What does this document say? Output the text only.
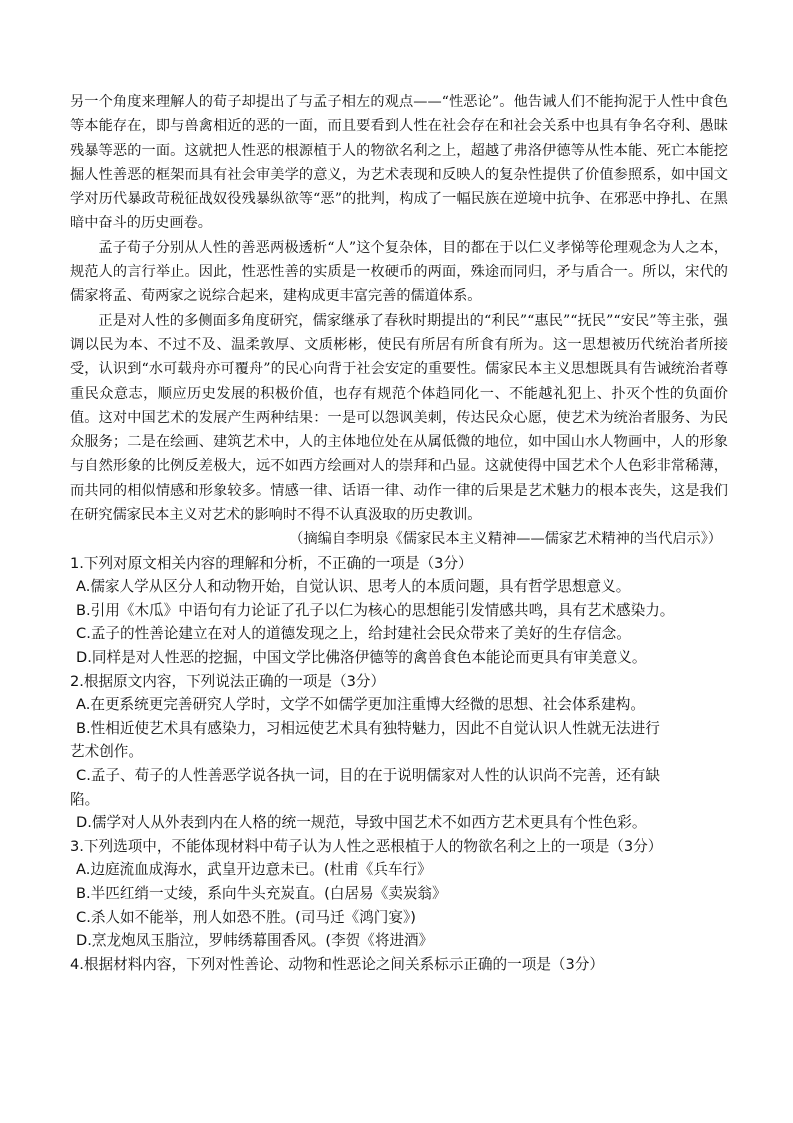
另一个角度来理解人的荀子却提出了与孟子相左的观点——“性恶论”。他告诫人们不能拘泥于人性中食色等本能存在，即与兽禽相近的恶的一面，而且要看到人性在社会存在和社会关系中也具有争名夺利、愚昧残暴等恶的一面。这就把人性恶的根源植于人的物欲名利之上，超越了弗洛伊德等从性本能、死亡本能挖掘人性善恶的框架而具有社会审美学的意义，为艺术表现和反映人的复杂性提供了价值参照系，如中国文学对历代暴政苛税征战奴役残暴纵欲等“恶”的批判，构成了一幅民族在逆境中抗争、在邪恶中挣扎、在黑暗中奋斗的历史画卷。

孟子荀子分别从人性的善恶两极透析“人”这个复杂体，目的都在于以仁义孝悌等伦理观念为人之本，规范人的言行举止。因此，性恶性善的实质是一枚硬币的两面，殊途而同归，矛与盾合一。所以，宋代的儒家将孟、荀两家之说综合起来，建构成更丰富完善的儒道体系。

正是对人性的多侧面多角度研究，儒家继承了春秋时期提出的“利民”“惠民”“抚民”“安民”等主张，强调以民为本、不过不及、温柔敦厚、文质彬彬，使民有所居有所食有所为。这一思想被历代统治者所接受，认识到“水可载舟亦可覆舟”的民心向背于社会安定的重要性。儒家民本主义思想既具有告诫统治者尊重民众意志，顺应历史发展的积极价值，也存有规范个体趋同化一、不能越礼犯上、扑灭个性的负面价值。这对中国艺术的发展产生两种结果：一是可以怨讽美刺，传达民众心愿，使艺术为统治者服务、为民众服务；二是在绘画、建筑艺术中，人的主体地位处在从属低微的地位，如中国山水人物画中，人的形象与自然形象的比例反差极大，远不如西方绘画对人的崇拜和凸显。这就使得中国艺术个人色彩非常稀薄，而共同的相似情感和形象较多。情感一律、话语一律、动作一律的后果是艺术魅力的根本丧失，这是我们在研究儒家民本主义对艺术的影响时不得不认真汲取的历史教训。

（摘编自李明泉《儒家民本主义精神——儒家艺术精神的当代启示》）

1.下列对原文相关内容的理解和分析，不正确的一项是（3分）

A.儒家人学从区分人和动物开始，自觉认识、思考人的本质问题，具有哲学思想意义。

B.引用《木瓜》中语句有力论证了孔子以仁为核心的思想能引发情感共鸣，具有艺术感染力。

C.孟子的性善论建立在对人的道德发现之上，给封建社会民众带来了美好的生存信念。

D.同样是对人性恶的挖掘，中国文学比佛洛伊德等的禽兽食色本能论而更具有审美意义。

2.根据原文内容，下列说法正确的一项是（3分）

A.在更系统更完善研究人学时，文学不如儒学更加注重博大经微的思想、社会体系建构。

B.性相近使艺术具有感染力，习相远使艺术具有独特魅力，因此不自觉认识人性就无法进行

艺术创作。

C.孟子、荀子的人性善恶学说各执一词，目的在于说明儒家对人性的认识尚不完善，还有缺

陷。

D.儒学对人从外表到内在人格的统一规范，导致中国艺术不如西方艺术更具有个性色彩。

3.下列选项中，不能体现材料中荀子认为人性之恶根植于人的物欲名利之上的一项是（3分）

A.边庭流血成海水，武皇开边意未已。(杜甫《兵车行》

B.半匹红绡一丈绫，系向牛头充炭直。(白居易《卖炭翁》

C.杀人如不能举，刑人如恐不胜。(司马迁《鸿门宴》)

D.烹龙炮凤玉脂泣，罗帏绣幕围香风。(李贺《将进酒》

4.根据材料内容，下列对性善论、动物和性恶论之间关系标示正确的一项是（3分）
